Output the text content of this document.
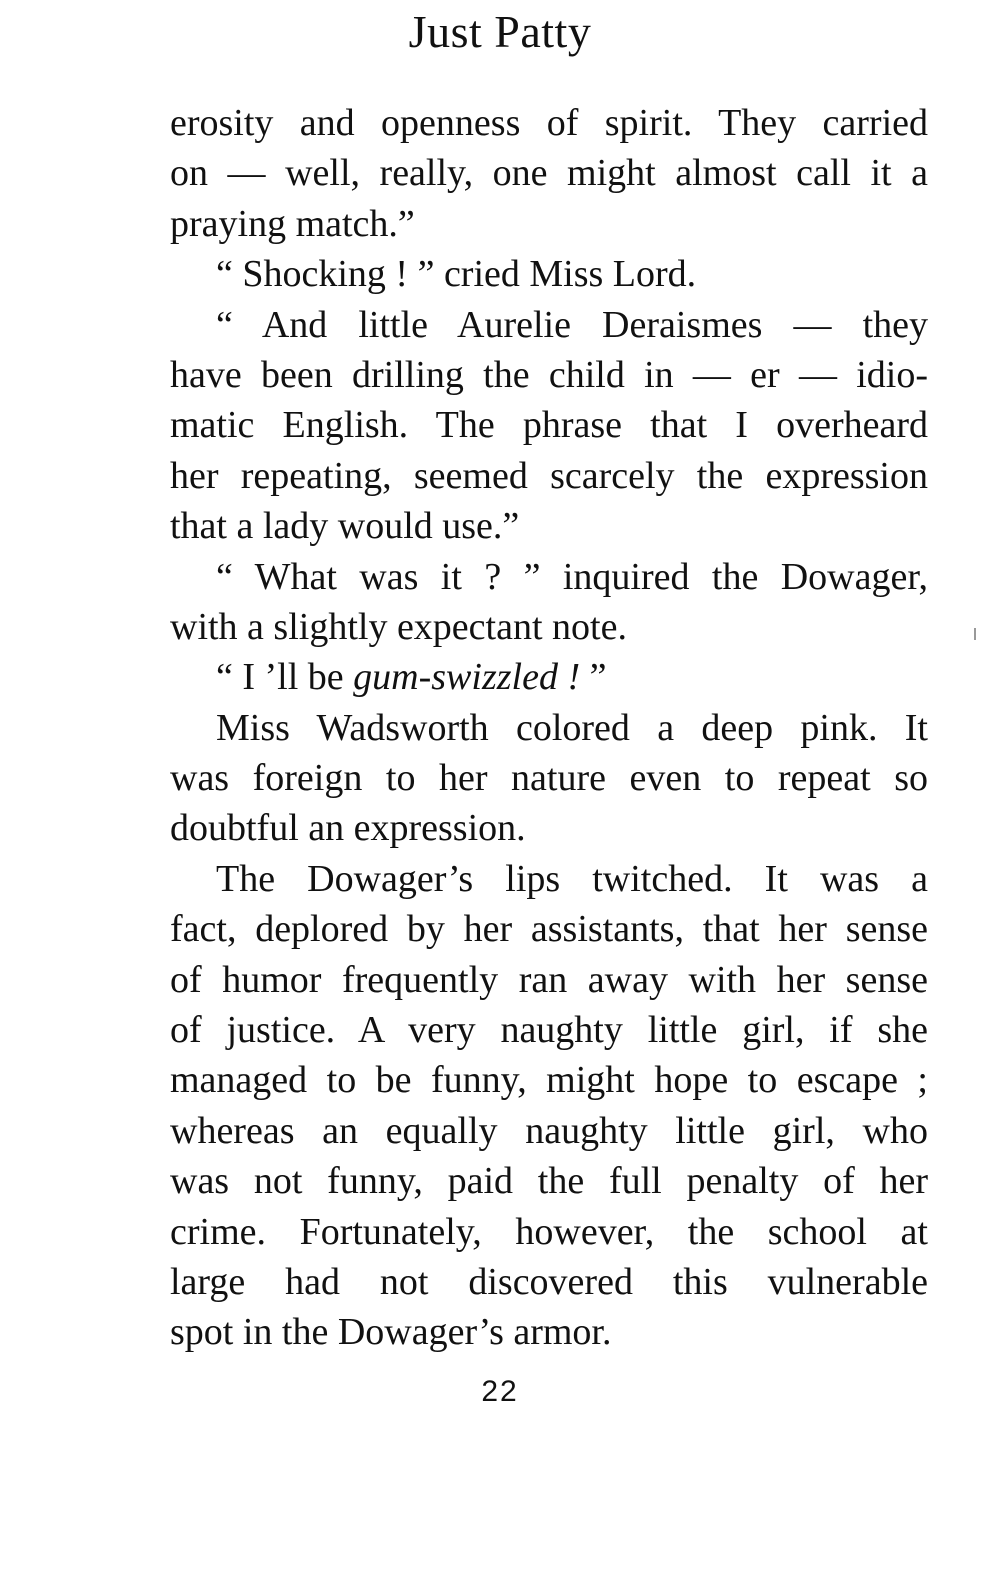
Just Patty
erosity and openness of spirit. They carried
on — well, really, one might almost call it a
praying match.”
“ Shocking ! ” cried Miss Lord.
“ And little Aurelie Deraismes — they
have been drilling the child in — er — idio-
matic English. The phrase that I overheard
her repeating, seemed scarcely the expression
that a lady would use.”
“ What was it ? ” inquired the Dowager,
with a slightly expectant note.
“ I ’ll be gum-swizzled ! ”
Miss Wadsworth colored a deep pink. It
was foreign to her nature even to repeat so
doubtful an expression.
The Dowager’s lips twitched. It was a
fact, deplored by her assistants, that her sense
of humor frequently ran away with her sense
of justice. A very naughty little girl, if she
managed to be funny, might hope to escape ;
whereas an equally naughty little girl, who
was not funny, paid the full penalty of her
crime. Fortunately, however, the school at
large had not discovered this vulnerable
spot in the Dowager’s armor.
22
